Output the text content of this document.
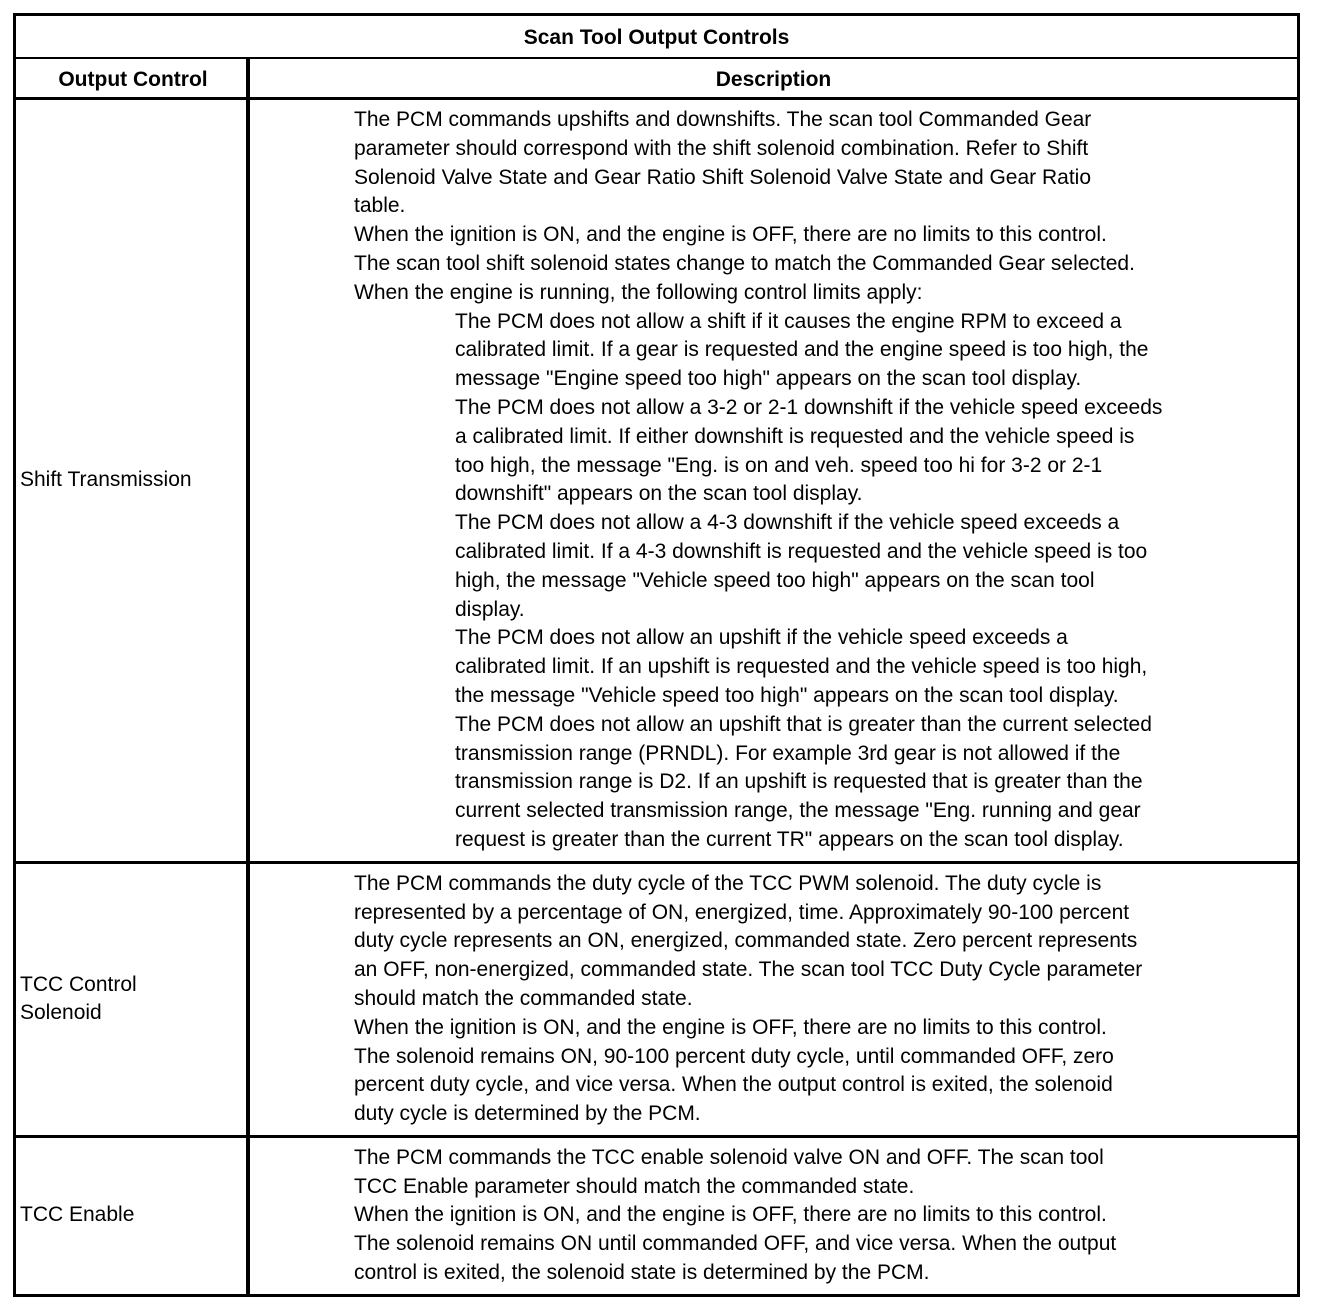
Scan Tool Output Controls
Output Control	Description
Shift Transmission
The PCM commands upshifts and downshifts. The scan tool Commanded Gear
parameter should correspond with the shift solenoid combination. Refer to Shift
Solenoid Valve State and Gear Ratio Shift Solenoid Valve State and Gear Ratio
table.
When the ignition is ON, and the engine is OFF, there are no limits to this control.
The scan tool shift solenoid states change to match the Commanded Gear selected.
When the engine is running, the following control limits apply:
The PCM does not allow a shift if it causes the engine RPM to exceed a
calibrated limit. If a gear is requested and the engine speed is too high, the
message "Engine speed too high" appears on the scan tool display.
The PCM does not allow a 3-2 or 2-1 downshift if the vehicle speed exceeds
a calibrated limit. If either downshift is requested and the vehicle speed is
too high, the message "Eng. is on and veh. speed too hi for 3-2 or 2-1
downshift" appears on the scan tool display.
The PCM does not allow a 4-3 downshift if the vehicle speed exceeds a
calibrated limit. If a 4-3 downshift is requested and the vehicle speed is too
high, the message "Vehicle speed too high" appears on the scan tool
display.
The PCM does not allow an upshift if the vehicle speed exceeds a
calibrated limit. If an upshift is requested and the vehicle speed is too high,
the message "Vehicle speed too high" appears on the scan tool display.
The PCM does not allow an upshift that is greater than the current selected
transmission range (PRNDL). For example 3rd gear is not allowed if the
transmission range is D2. If an upshift is requested that is greater than the
current selected transmission range, the message "Eng. running and gear
request is greater than the current TR" appears on the scan tool display.
TCC Control
Solenoid
The PCM commands the duty cycle of the TCC PWM solenoid. The duty cycle is
represented by a percentage of ON, energized, time. Approximately 90-100 percent
duty cycle represents an ON, energized, commanded state. Zero percent represents
an OFF, non-energized, commanded state. The scan tool TCC Duty Cycle parameter
should match the commanded state.
When the ignition is ON, and the engine is OFF, there are no limits to this control.
The solenoid remains ON, 90-100 percent duty cycle, until commanded OFF, zero
percent duty cycle, and vice versa. When the output control is exited, the solenoid
duty cycle is determined by the PCM.
TCC Enable
The PCM commands the TCC enable solenoid valve ON and OFF. The scan tool
TCC Enable parameter should match the commanded state.
When the ignition is ON, and the engine is OFF, there are no limits to this control.
The solenoid remains ON until commanded OFF, and vice versa. When the output
control is exited, the solenoid state is determined by the PCM.
